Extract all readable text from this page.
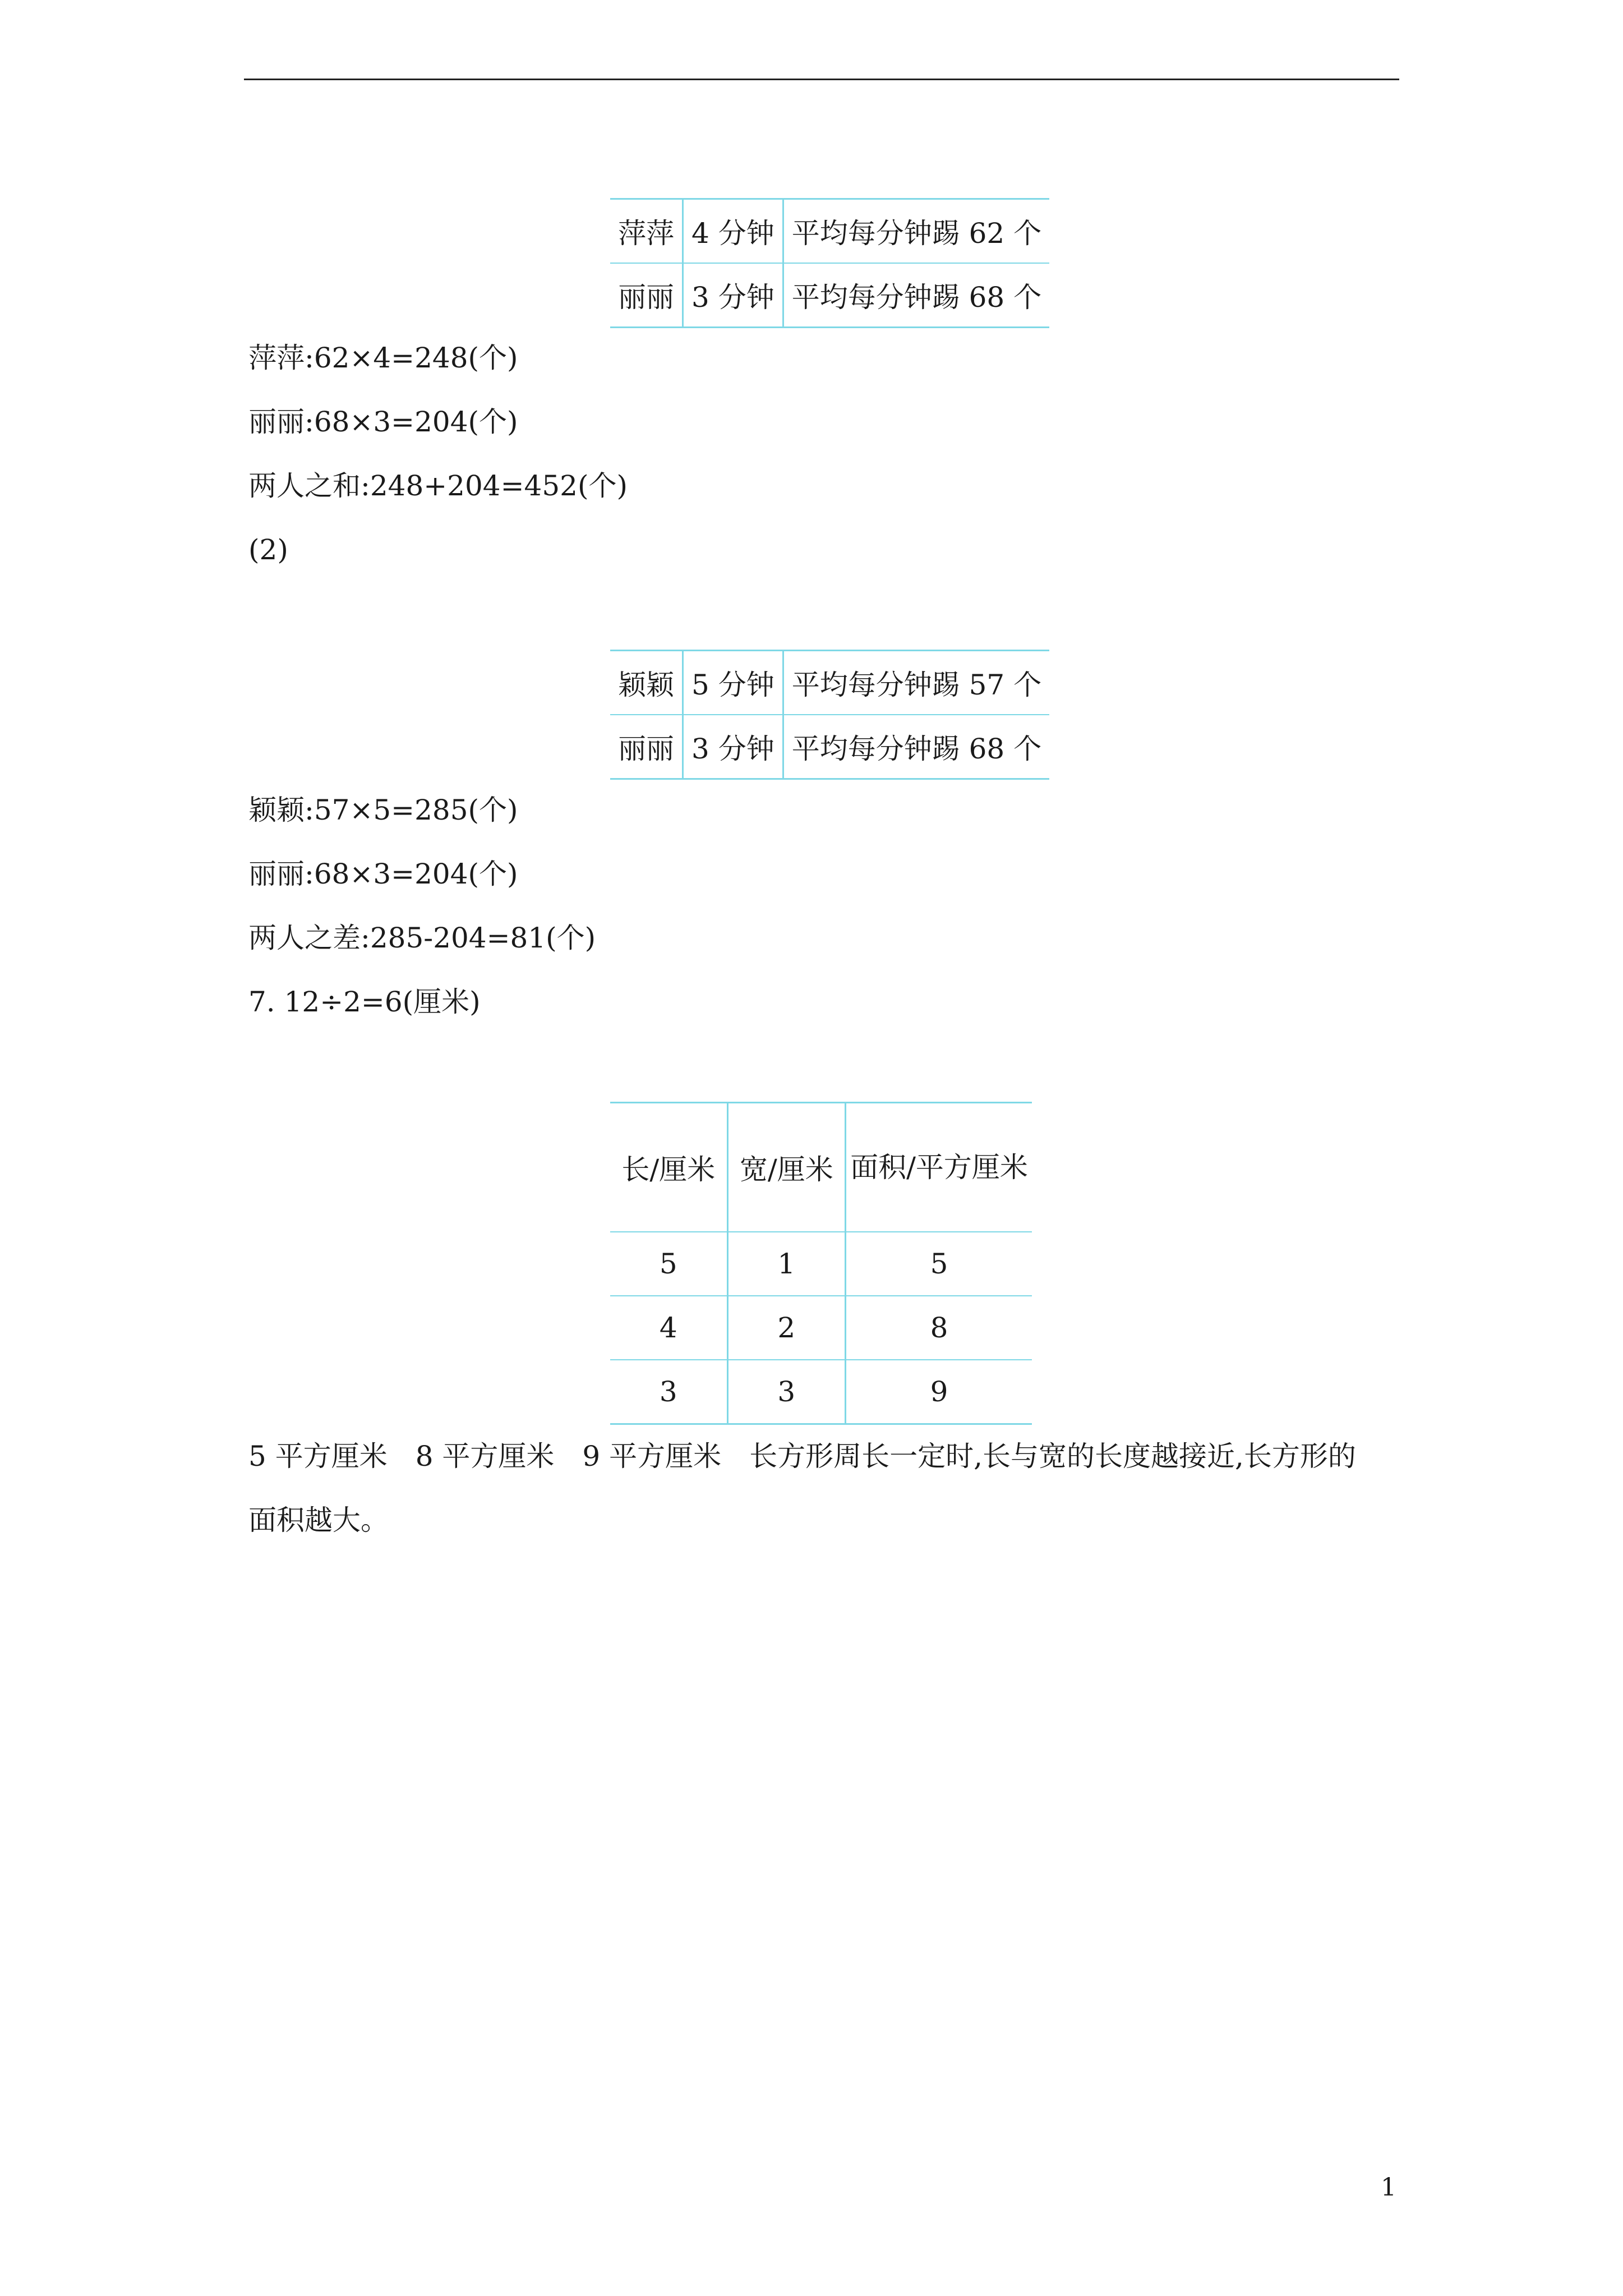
萍萍	4 分钟	平均每分钟踢 62 个
丽丽	3 分钟	平均每分钟踢 68 个
萍萍:62×4=248(个)
丽丽:68×3=204(个)
两人之和:248+204=452(个)
(2)
颖颖	5 分钟	平均每分钟踢 57 个
丽丽	3 分钟	平均每分钟踢 68 个
颖颖:57×5=285(个)
丽丽:68×3=204(个)
两人之差:285-204=81(个)
7. 12÷2=6(厘米)
长/厘米	宽/厘米	面积/平方厘米
5	1	5
4	2	8
3	3	9
5 平方厘米　8 平方厘米　9 平方厘米　长方形周长一定时,长与宽的长度越接近,长方形的
面积越大。
1
